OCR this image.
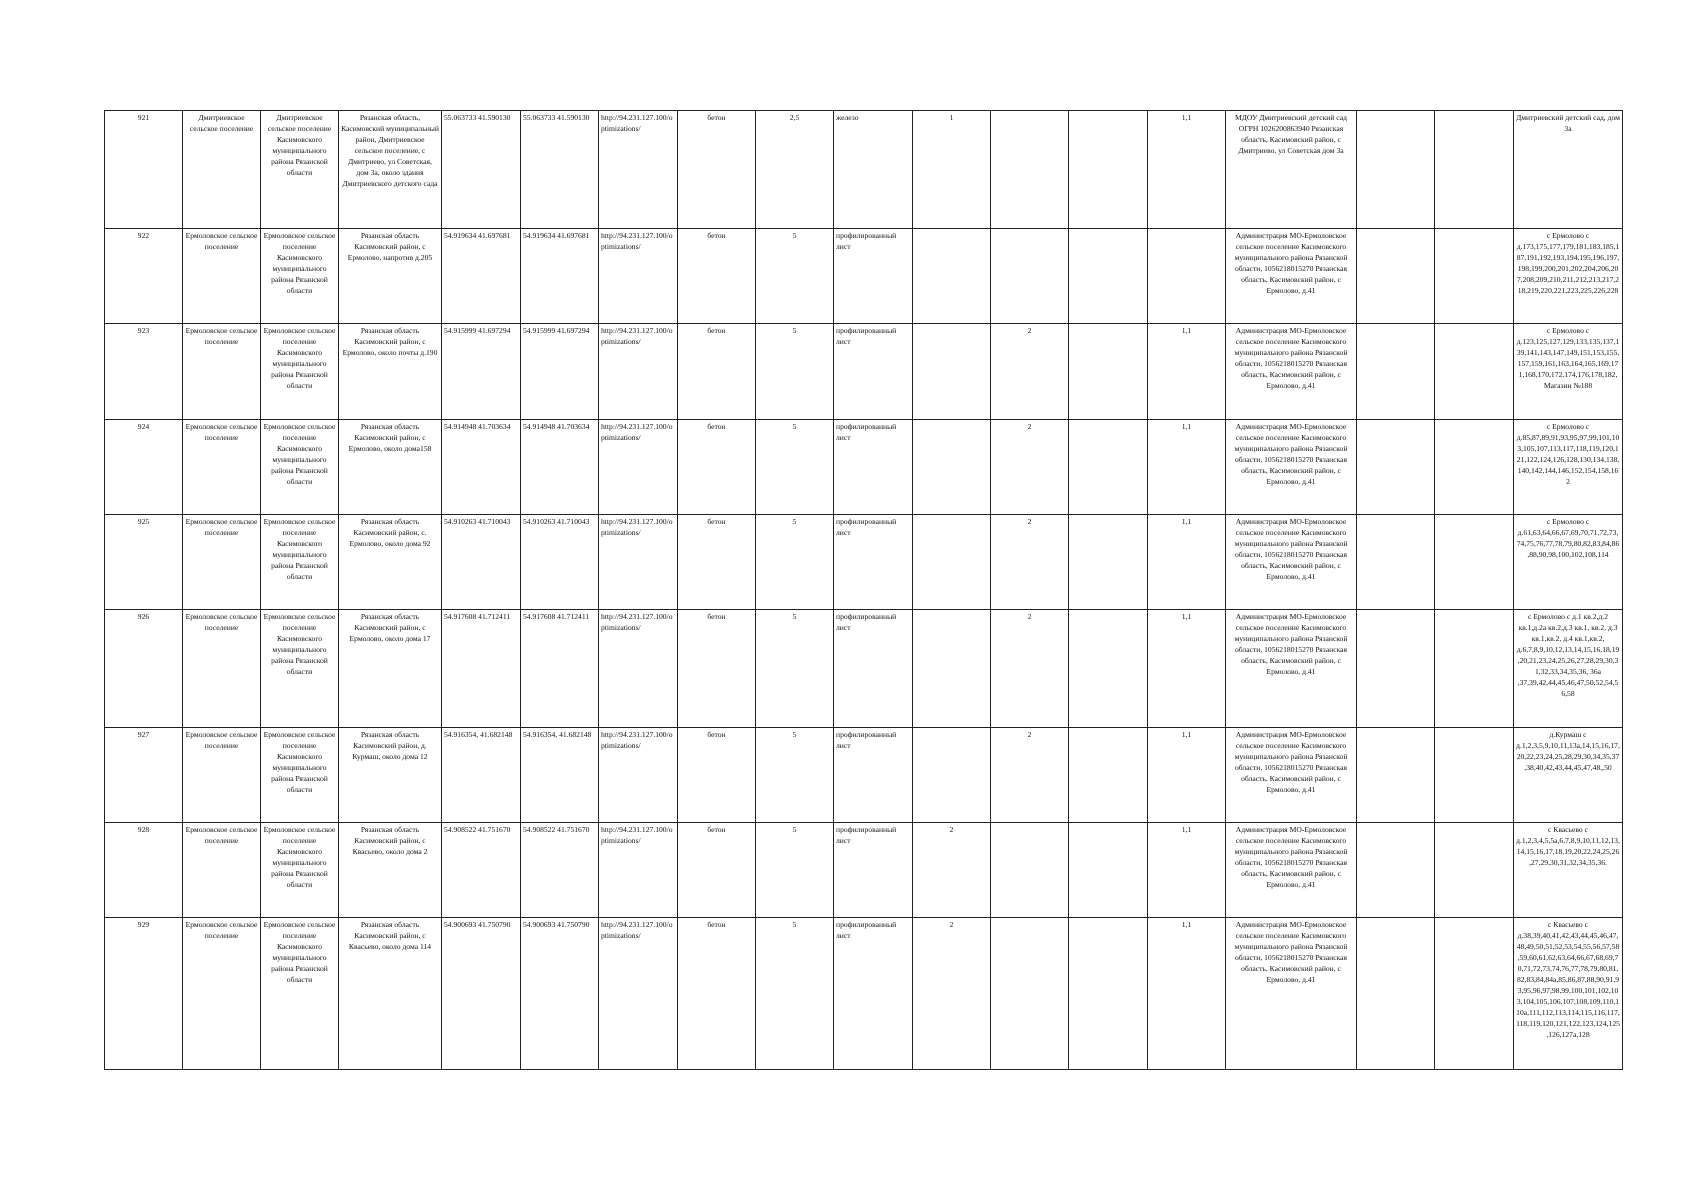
921	Дмитриевское сельское поселение	Дмитриевское сельское поселение Касимовского муниципального района Рязанской области	Рязанская область, Касимовский муниципальный район, Дмитриевское сельское поселение, с Дмитриево, ул Советская, дом 3а, около здания Дмитриевского детского сада	55.063733 41.590130	55.063733 41.590130	http://94.231.127.100/optimizations/	бетон	2,5	железо	1			1,1	МДОУ Дмитриевский детский сад ОГРН 1026200863940 Рязанская область, Касимовский район, с Дмитриево, ул Советская дом 3а			Дмитриевский детский сад, дом 3а
922	Ермоловское сельское поселение	Ермоловское сельское поселение Касимовского муниципального района Рязанской области	Рязанская область Касимовский район, с Ермолово, напротив д.205	54.919634 41.697681	54.919634 41.697681	http://94.231.127.100/optimizations/	бетон	5	профилированный лист					Администрация МО-Ермоловское сельское поселение Касимовского муниципального района Рязанской области, 1056218015270 Рязанская область, Касимовский район, с Ермолово, д.41			с Ермолово с д.173,175,177,179,181,183,185,187,191,192,193,194,195,196,197,198,199,200,201,202,204,206,207,208,209,210,211,212,213,217,218,219,220,221,223,225,226,228
923	Ермоловское сельское поселение	Ермоловское сельское поселение Касимовского муниципального района Рязанской области	Рязанская область Касимовский район, с Ермолово, около почты д.190	54.915999 41.697294	54.915999 41.697294	http://94.231.127.100/optimizations/	бетон	5	профилированный лист		2		1,1	Администрация МО-Ермоловское сельское поселение Касимовского муниципального района Рязанской области, 1056218015270 Рязанская область, Касимовский район, с Ермолово, д.41			с Ермолово с д.123,125,127,129,133,135,137,139,141,143,147,149,151,153,155,157,159,161,163,164,165,169,171,168,170,172,174,176,178,182, Магазин №188
924	Ермоловское сельское поселение	Ермоловское сельское поселение Касимовского муниципального района Рязанской области	Рязанская область Касимовский район, с Ермолово, около дома158	54.914948 41.703634	54.914948 41.703634	http://94.231.127.100/optimizations/	бетон	5	профилированный лист		2		1,1	Администрация МО-Ермоловское сельское поселение Касимовского муниципального района Рязанской области, 1056218015270 Рязанская область, Касимовский район, с Ермолово, д.41			с Ермолово с д.85,87,89,91,93,95,97,99,101,103,105,107,113,117,118,119,120,121,122,124,126,128,130,134,138,140,142,144,146,152,154,158,162
925	Ермоловское сельское поселение	Ермоловское сельское поселение Касимовского муниципального района Рязанской области	Рязанская область Касимовский район, с. Ермолово, около дома 92	54.910263 41.710043	54.910263 41.710043	http://94.231.127.100/optimizations/	бетон	5	профилированный лист		2		1,1	Администрация МО-Ермоловское сельское поселение Касимовского муниципального района Рязанской области, 1056218015270 Рязанская область, Касимовский район, с Ермолово, д.41			с Ермолово с д.61,63,64,66,67,69,70,71,72,73,74,75,76,77,78,79,80,82,83,84,86,88,90,98,100,102,108,114
926	Ермоловское сельское поселение	Ермоловское сельское поселение Касимовского муниципального района Рязанской области	Рязанская область Касимовский район, с Ермолово, около дома 17	54.917608 41.712411	54.917608 41.712411	http://94.231.127.100/optimizations/	бетон	5	профилированный лист		2		1,1	Администрация МО-Ермоловское сельское поселение Касимовского муниципального района Рязанской области, 1056218015270 Рязанская область, Касимовский район, с Ермолово, д.41			с Ермолово с д.1 кв.2,д.2 кв.1,д.2а кв.2,д.3 кв.1, кв.2, д.3 кв.1,кв.2, д.4 кв.1,кв.2, д.6,7,8,9,10,12,13,14,15,16,18,19,20,21,23,24,25,26,27,28,29,30,31,32,33,34,35,36, 36а ,37,39,42,44,45,46,47,50,52,54,56,58
927	Ермоловское сельское поселение	Ермоловское сельское поселение Касимовского муниципального района Рязанской области	Рязанская область Касимовский район, д. Курмаш, около дома 12	54.916354, 41.682148	54.916354, 41.682148	http://94.231.127.100/optimizations/	бетон	5	профилированный лист		2		1,1	Администрация МО-Ермоловское сельское поселение Касимовского муниципального района Рязанской области, 1056218015270 Рязанская область, Касимовский район, с Ермолово, д.41			д.Курмаш с д.1,2,3,5,9,10,11,13а,14,15,16,17,20,22,23,24,25,28,29,30,34,35,37,38,40,42,43,44,45,47,48,,50
928	Ермоловское сельское поселение	Ермоловское сельское поселение Касимовского муниципального района Рязанской области	Рязанская область Касимовский район, с Квасьево, около дома 2	54.908522 41.751670	54.908522 41.751670	http://94.231.127.100/optimizations/	бетон	5	профилированный лист	2			1,1	Администрация МО-Ермоловское сельское поселение Касимовского муниципального района Рязанской области, 1056218015270 Рязанская область, Касимовский район, с Ермолово, д.41			с Квасьево с д.1,2,3,4,5,5а,6,7,8,9,10,11,12,13,14,15,16,17,18,19,20,22,24,25,26,27,29,30,31,32,34,35,36.
929	Ермоловское сельское поселение	Ермоловское сельское поселение Касимовского муниципального района Рязанской области	Рязанская область Касимовский район, с Квасьево, около дома 114	54.900693 41.750790	54.900693 41.750790	http://94.231.127.100/optimizations/	бетон	5	профилированный лист	2			1,1	Администрация МО-Ермоловское сельское поселение Касимовского муниципального района Рязанской области, 1056218015270 Рязанская область, Касимовский район, с Ермолово, д.41			с Квасьево с д.38,39,40,41,42,43,44,45,46,47,48,49,50,51,52,53,54,55,56,57,58,59,60,61,62,63,64,66,67,68,69,70,71,72,73,74,76,77,78,79,80,81,82,83,84,84а,85,86,87,88,90,91,93,95,96,97,98,99,100,101,102,103,104,105,106,107,108,109,110,110а,111,112,113,114,115,116,117,118,119,120,121,122,123,124,125,126,127а,128
